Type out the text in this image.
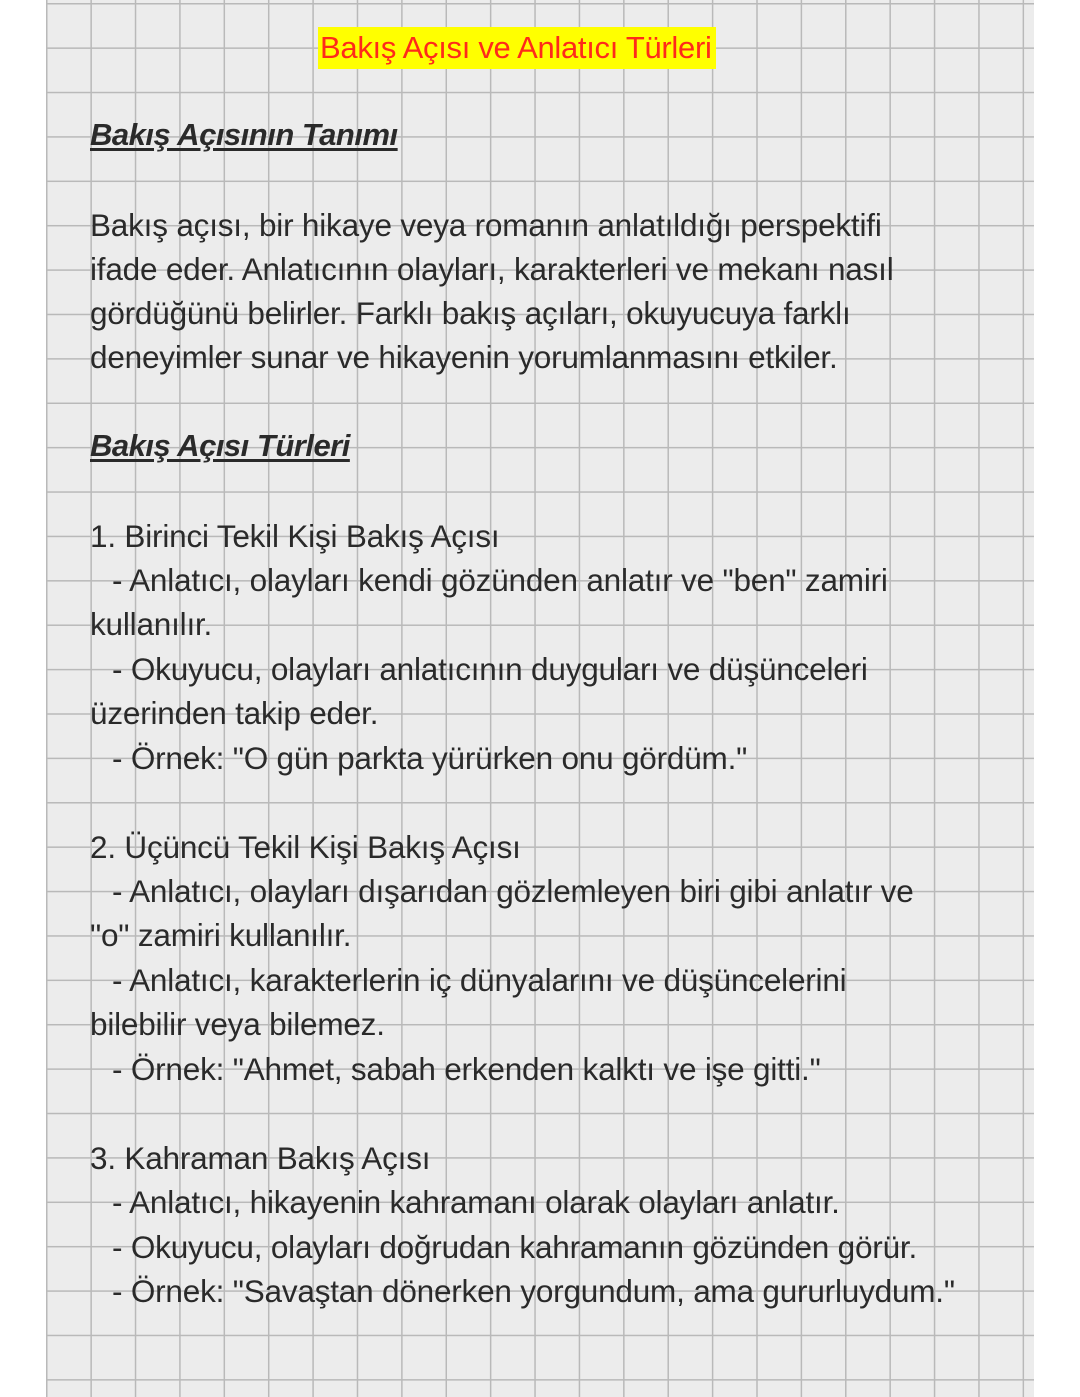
Bakış Açısı ve Anlatıcı Türleri
Bakış Açısının Tanımı
Bakış açısı, bir hikaye veya romanın anlatıldığı perspektifi
ifade eder. Anlatıcının olayları, karakterleri ve mekanı nasıl
gördüğünü belirler. Farklı bakış açıları, okuyucuya farklı
deneyimler sunar ve hikayenin yorumlanmasını etkiler.
Bakış Açısı Türleri
1. Birinci Tekil Kişi Bakış Açısı
- Anlatıcı, olayları kendi gözünden anlatır ve "ben" zamiri
kullanılır.
- Okuyucu, olayları anlatıcının duyguları ve düşünceleri
üzerinden takip eder.
- Örnek: "O gün parkta yürürken onu gördüm."
2. Üçüncü Tekil Kişi Bakış Açısı
- Anlatıcı, olayları dışarıdan gözlemleyen biri gibi anlatır ve
"o" zamiri kullanılır.
- Anlatıcı, karakterlerin iç dünyalarını ve düşüncelerini
bilebilir veya bilemez.
- Örnek: "Ahmet, sabah erkenden kalktı ve işe gitti."
3. Kahraman Bakış Açısı
- Anlatıcı, hikayenin kahramanı olarak olayları anlatır.
- Okuyucu, olayları doğrudan kahramanın gözünden görür.
- Örnek: "Savaştan dönerken yorgundum, ama gururluydum."
